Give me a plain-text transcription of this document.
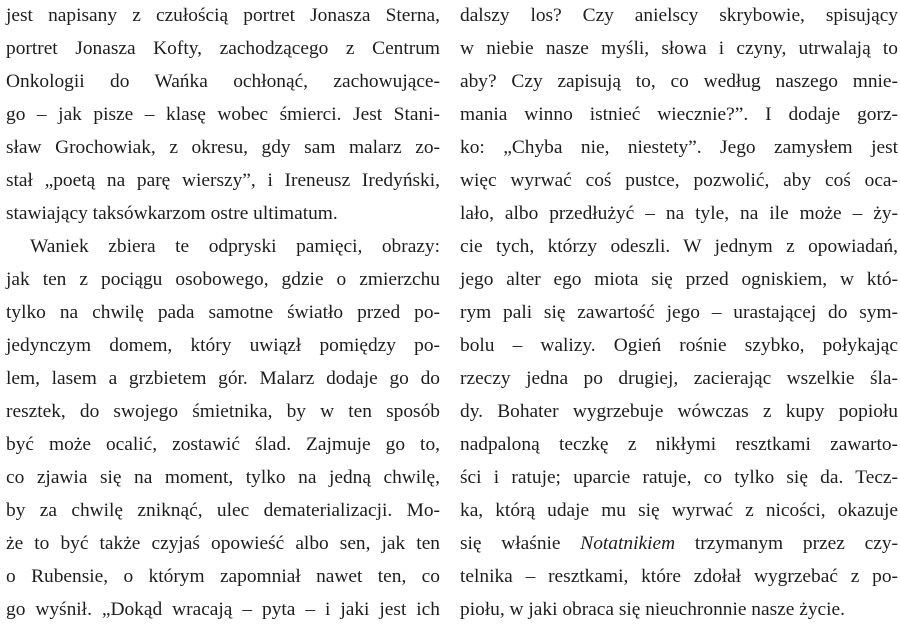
jest napisany z czułością portret Jonasza Sterna,
portret Jonasza Kofty, zachodzącego z Centrum
Onkologii do Wańka ochłonąć, zachowujące-
go – jak pisze – klasę wobec śmierci. Jest Stani-
sław Grochowiak, z okresu, gdy sam malarz zo-
stał „poetą na parę wierszy”, i Ireneusz Iredyński,
stawiający taksówkarzom ostre ultimatum.
Waniek zbiera te odpryski pamięci, obrazy:
jak ten z pociągu osobowego, gdzie o zmierzchu
tylko na chwilę pada samotne światło przed po-
jedynczym domem, który uwiązł pomiędzy po-
lem, lasem a grzbietem gór. Malarz dodaje go do
resztek, do swojego śmietnika, by w ten sposób
być może ocalić, zostawić ślad. Zajmuje go to,
co zjawia się na moment, tylko na jedną chwilę,
by za chwilę zniknąć, ulec dematerializacji. Mo-
że to być także czyjaś opowieść albo sen, jak ten
o Rubensie, o którym zapomniał nawet ten, co
go wyśnił. „Dokąd wracają – pyta – i jaki jest ich
dalszy los? Czy anielscy skrybowie, spisujący
w niebie nasze myśli, słowa i czyny, utrwalają to
aby? Czy zapisują to, co według naszego mnie-
mania winno istnieć wiecznie?”. I dodaje gorz-
ko: „Chyba nie, niestety”. Jego zamysłem jest
więc wyrwać coś pustce, pozwolić, aby coś oca-
lało, albo przedłużyć – na tyle, na ile może – ży-
cie tych, którzy odeszli. W jednym z opowiadań,
jego alter ego miota się przed ogniskiem, w któ-
rym pali się zawartość jego – urastającej do sym-
bolu – walizy. Ogień rośnie szybko, połykając
rzeczy jedna po drugiej, zacierając wszelkie śla-
dy. Bohater wygrzebuje wówczas z kupy popiołu
nadpaloną teczkę z nikłymi resztkami zawarto-
ści i ratuje; uparcie ratuje, co tylko się da. Tecz-
ka, którą udaje mu się wyrwać z nicości, okazuje
się właśnie Notatnikiem trzymanym przez czy-
telnika – resztkami, które zdołał wygrzebać z po-
piołu, w jaki obraca się nieuchronnie nasze życie.
